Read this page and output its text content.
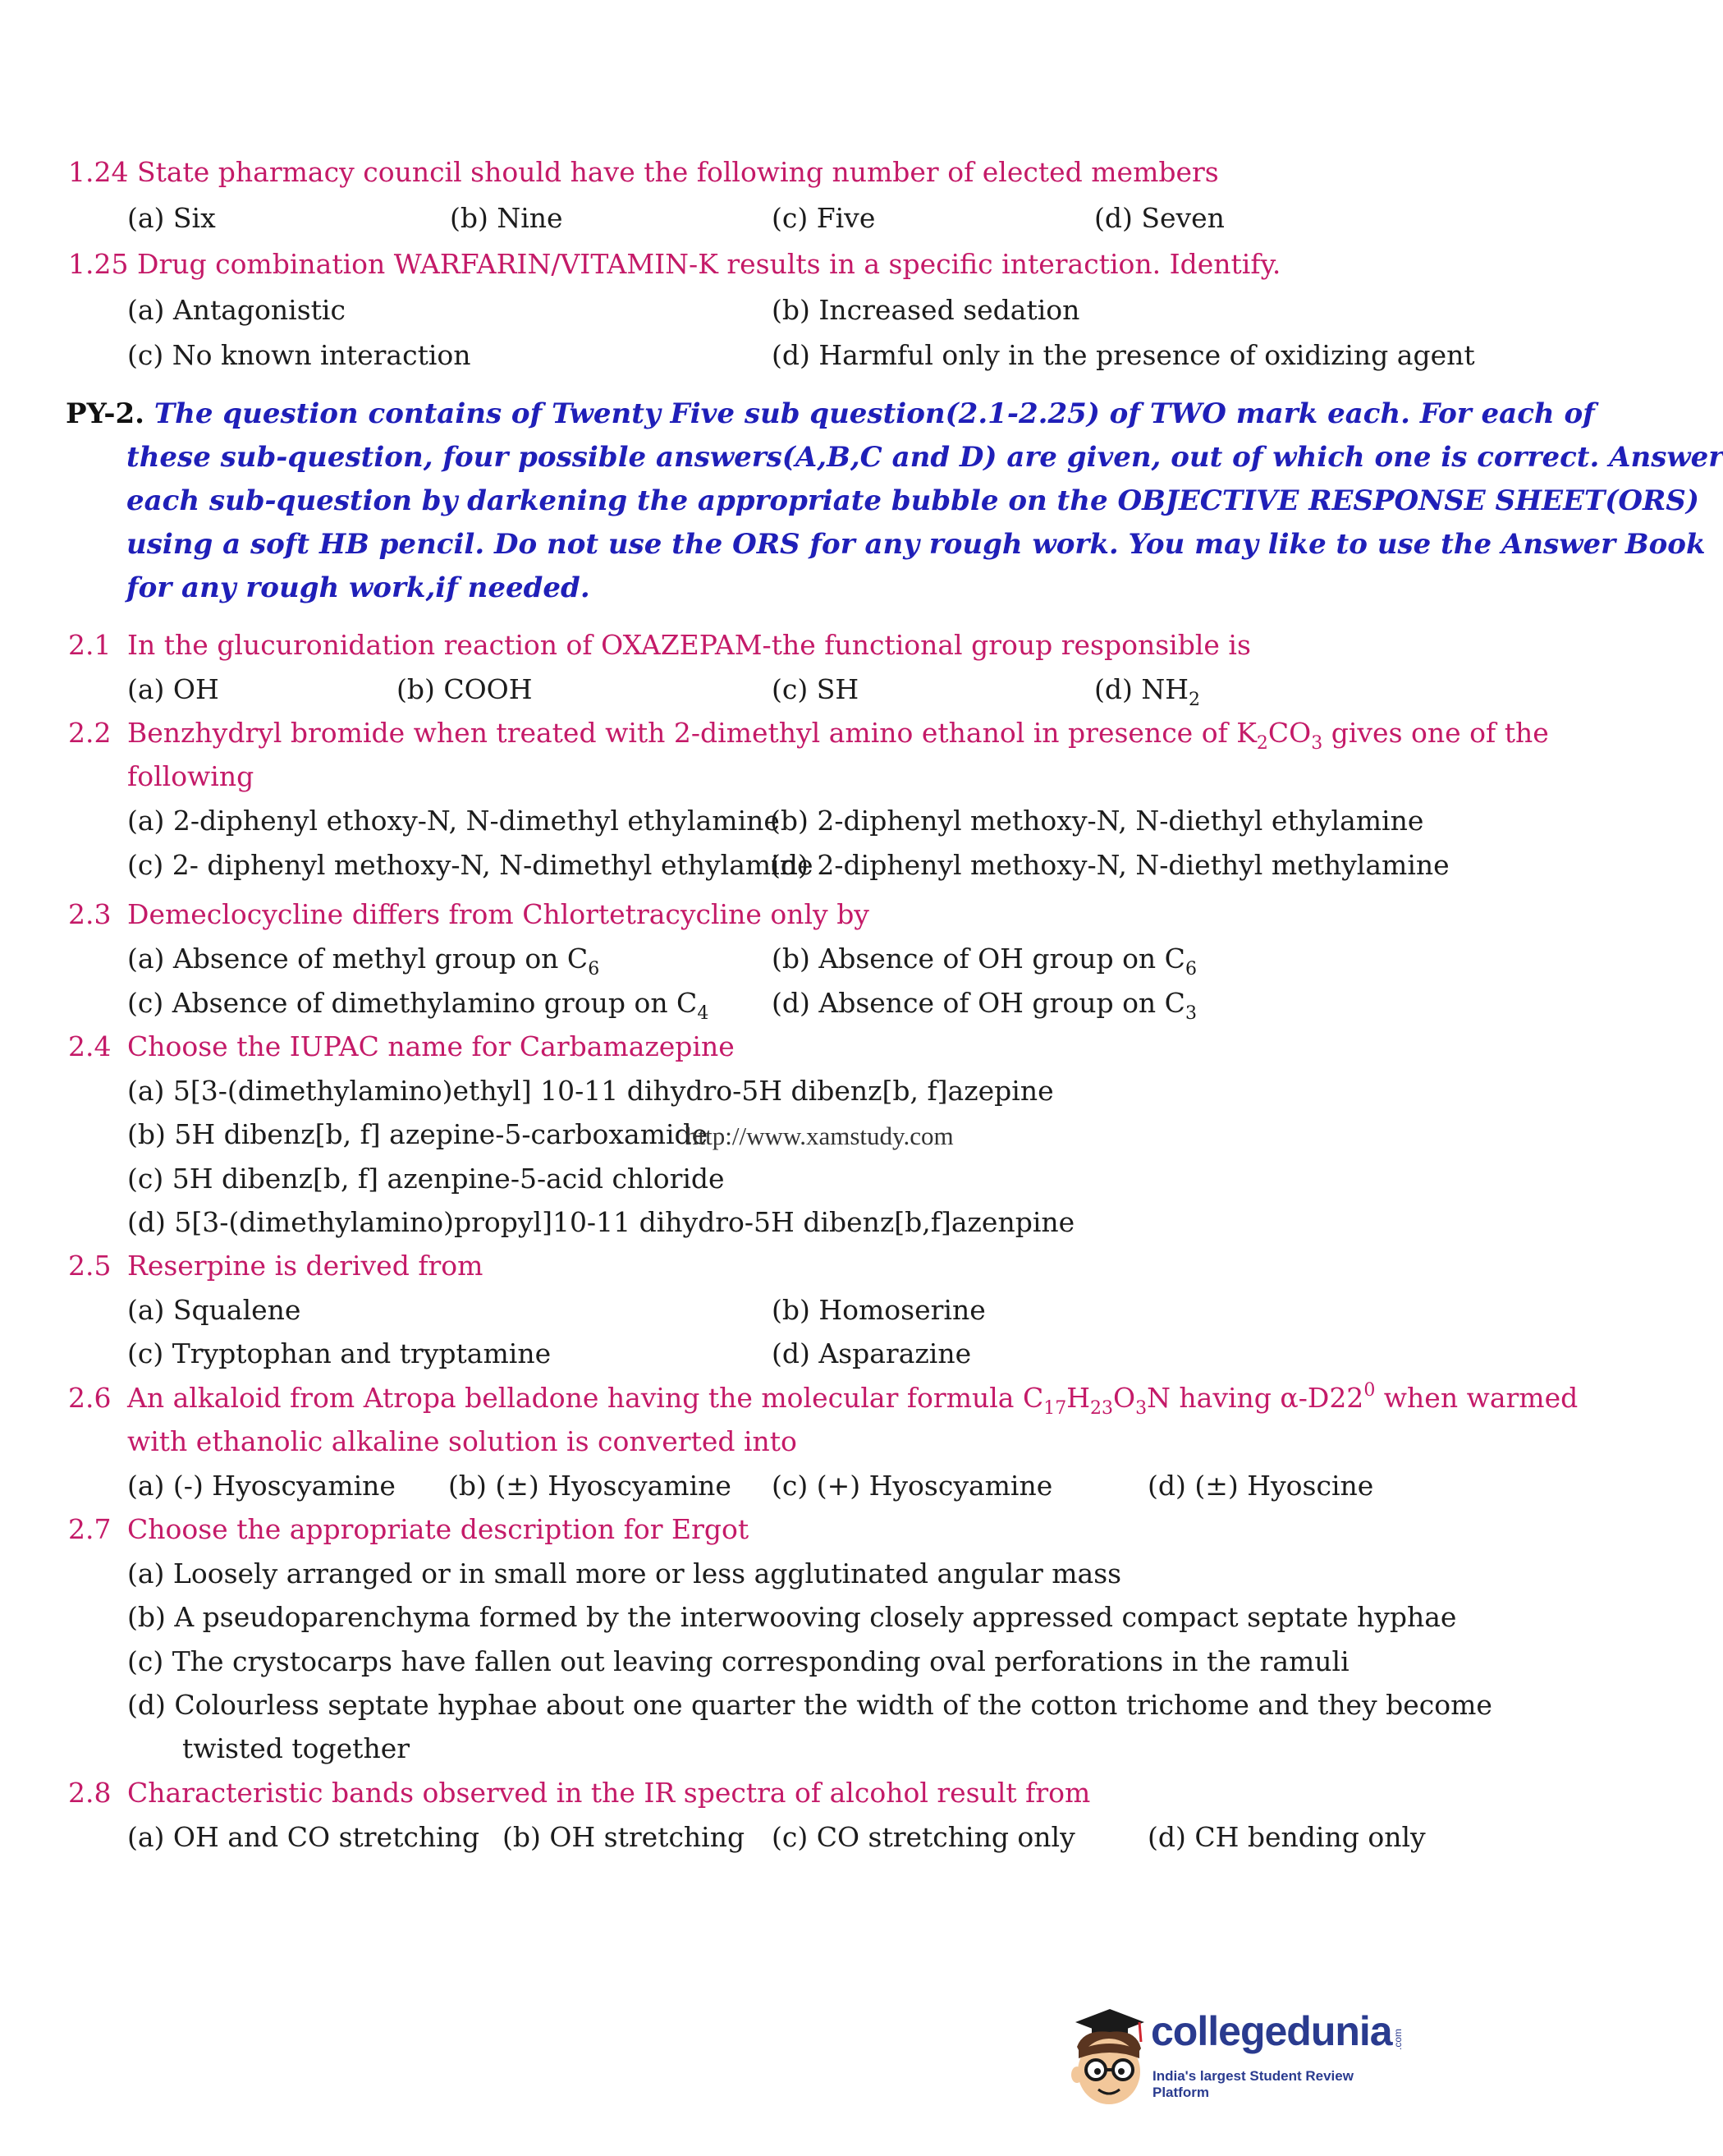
1.24 State pharmacy council should have the following number of elected members
(a) Six	(b) Nine	(c) Five	(d) Seven
1.25 Drug combination WARFARIN/VITAMIN-K results in a specific interaction. Identify.
(a) Antagonistic	(b) Increased sedation
(c) No known interaction	(d) Harmful only in the presence of oxidizing agent
PY-2. The question contains of Twenty Five sub question(2.1-2.25) of TWO mark each. For each of
these sub-question, four possible answers(A,B,C and D) are given, out of which one is correct. Answer
each sub-question by darkening the appropriate bubble on the OBJECTIVE RESPONSE SHEET(ORS)
using a soft HB pencil. Do not use the ORS for any rough work. You may like to use the Answer Book
for any rough work,if needed.
2.1 In the glucuronidation reaction of OXAZEPAM-the functional group responsible is
(a) OH	(b) COOH	(c) SH	(d) $NH_2$
2.2 Benzhydryl bromide when treated with 2-dimethyl amino ethanol in presence of $K_2CO_3$ gives one of the
following
(a) 2-diphenyl ethoxy-N, N-dimethyl ethylamine
(b) 2-diphenyl methoxy-N, N-diethyl ethylamine
(c) 2- diphenyl methoxy-N, N-dimethyl ethylamine
(d) 2-diphenyl methoxy-N, N-diethyl methylamine
2.3 Demeclocycline differs from Chlortetracycline only by
(a) Absence of methyl group on $C_6$	(b) Absence of OH group on $C_6$
(c) Absence of dimethylamino group on $C_4$ (d) Absence of OH group on $C_3$
2.4 Choose the IUPAC name for Carbamazepine
(a) 5[3-(dimethylamino)ethyl] 10-11 dihydro-5H dibenz[b, f]azepine
(b) 5H dibenz[b, f] azepine-5-carboxamide
http://www.xamstudy.com
(c) 5H dibenz[b, f] azenpine-5-acid chloride
(d) 5[3-(dimethylamino)propyl]10-11 dihydro-5H dibenz[b,f]azenpine
2.5 Reserpine is derived from
(a) Squalene	(b) Homoserine
(c) Tryptophan and tryptamine	(d) Asparazine
2.6 An alkaloid from Atropa belladone having the molecular formula $C_{17}H_{23}O_3N$ having $\alpha-D22^0$ when warmed
with ethanolic alkaline solution is converted into
(a) (-) Hyoscyamine (b) (±) Hyoscyamine (c) (+) Hyoscyamine	(d) (±) Hyoscine
2.7 Choose the appropriate description for Ergot
(a) Loosely arranged or in small more or less agglutinated angular mass
(b) A pseudoparenchyma formed by the interwooving closely appressed compact septate hyphae
(c) The crystocarps have fallen out leaving corresponding oval perforations in the ramuli
(d) Colourless septate hyphae about one quarter the width of the cotton trichome and they become
twisted together
2.8 Characteristic bands observed in the IR spectra of alcohol result from
(a) OH and CO stretching (b) OH stretching (c) CO stretching only	(d) CH bending only
collegedunia .com
India's largest Student Review Platform
